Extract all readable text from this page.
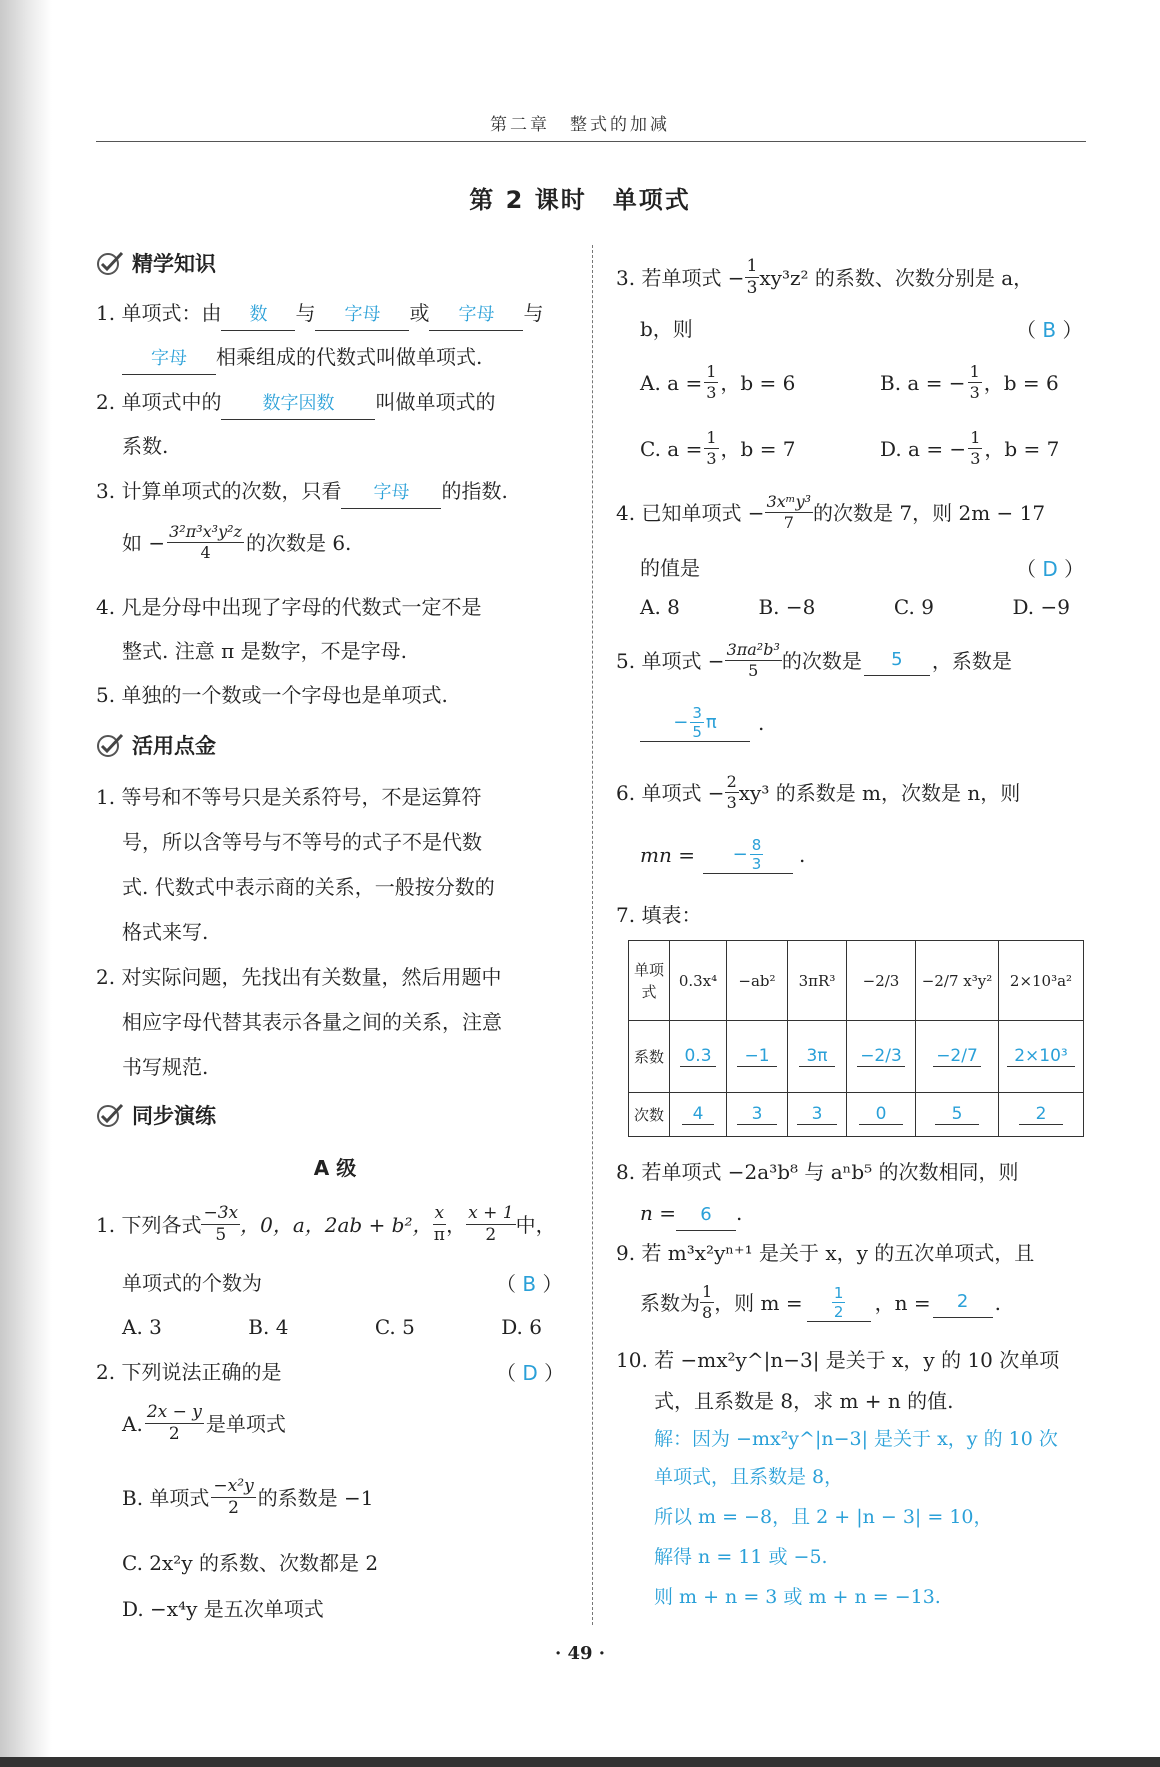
第二章　整式的加减
第 2 课时　单项式
精学知识
1. 单项式：由 数 与 字母 或 字母 与
字母 相乘组成的代数式叫做单项式.
2. 单项式中的 数字因数 叫做单项式的
系数.
3. 计算单项式的次数，只看 字母 的指数.
如 − $\frac{\text{3²π³x³y²z}}{4}$ 的次数是 6.
4. 凡是分母中出现了字母的代数式一定不是
整式. 注意 π 是数字，不是字母.
5. 单独的一个数或一个字母也是单项式.
活用点金
1. 等号和不等号只是关系符号，不是运算符
号，所以含等号与不等号的式子不是代数
式. 代数式中表示商的关系，一般按分数的
格式来写.
2. 对实际问题，先找出有关数量，然后用题中
相应字母代替其表示各量之间的关系，注意
书写规范.
同步演练
A 级
1. 下列各式 −3x
5 ，0，a，2ab + b²， x
π ， x + 1
2 中，
单项式的个数为	（ B ）
A. 3	B. 4	C. 5	D. 6
2. 下列说法正确的是	（ D ）
A. 2x − y
2 是单项式
B. 单项式 −x²y
2 的系数是 −1
C. 2x²y 的系数、次数都是 2
D. −x⁴y 是五次单项式
3. 若单项式 − $\frac{1}{3} xy^3z^2$ 的系数、次数分别是 a，
b，则	（ B ）
A. $a = \frac{1}{3}$ ，b = 6	B. a = − $\frac{1}{3}$ ，b = 6
C. $a = \frac{1}{3}$ ，b = 7	D. a = − $\frac{1}{3}$ ，b = 7
4. 已知单项式 − 3xᵐy³
7 的次数是 7，则 2m − 17
的值是	（ D ）
A. 8	B. −8	C. 9	D. −9
5. 单项式 − $\frac{\text{3πa²b³}}{5}$ 的次数是	5	，系数是
− $\frac{3}{5}$ π .
6. 单项式 − $\frac{2}{3} xy^3$ 的系数是 m，次数是 n，则
mn = − $\frac{8}{3}$ .
7. 填表：
单项
式	0.3x⁴	−ab²	3πR³	−2/3	−2/7 x³y²	2×10³a²
系数	0.3	−1	3π	−2/3	−2/7	2×10³
次数	4	3	3	0	5	2
8. 若单项式 −2a³b⁸ 与 aⁿb⁵ 的次数相同，则
n = 6 .
9. 若 m³x²yⁿ⁺¹ 是关于 x，y 的五次单项式，且
系数为 1
8 ，则 $m = \frac{1}{2}$ ，n =	2	.
10. 若 −mx²y^|n−3| 是关于 x，y 的 10 次单项
式，且系数是 8，求 m + n 的值.
解：因为 −mx²y^|n−3| 是关于 x，y 的 10 次
单项式，且系数是 8，
所以 m = −8，且 2 + |n − 3| = 10，
解得 n = 11 或 −5.
则 m + n = 3 或 m + n = −13.
· 49 ·
